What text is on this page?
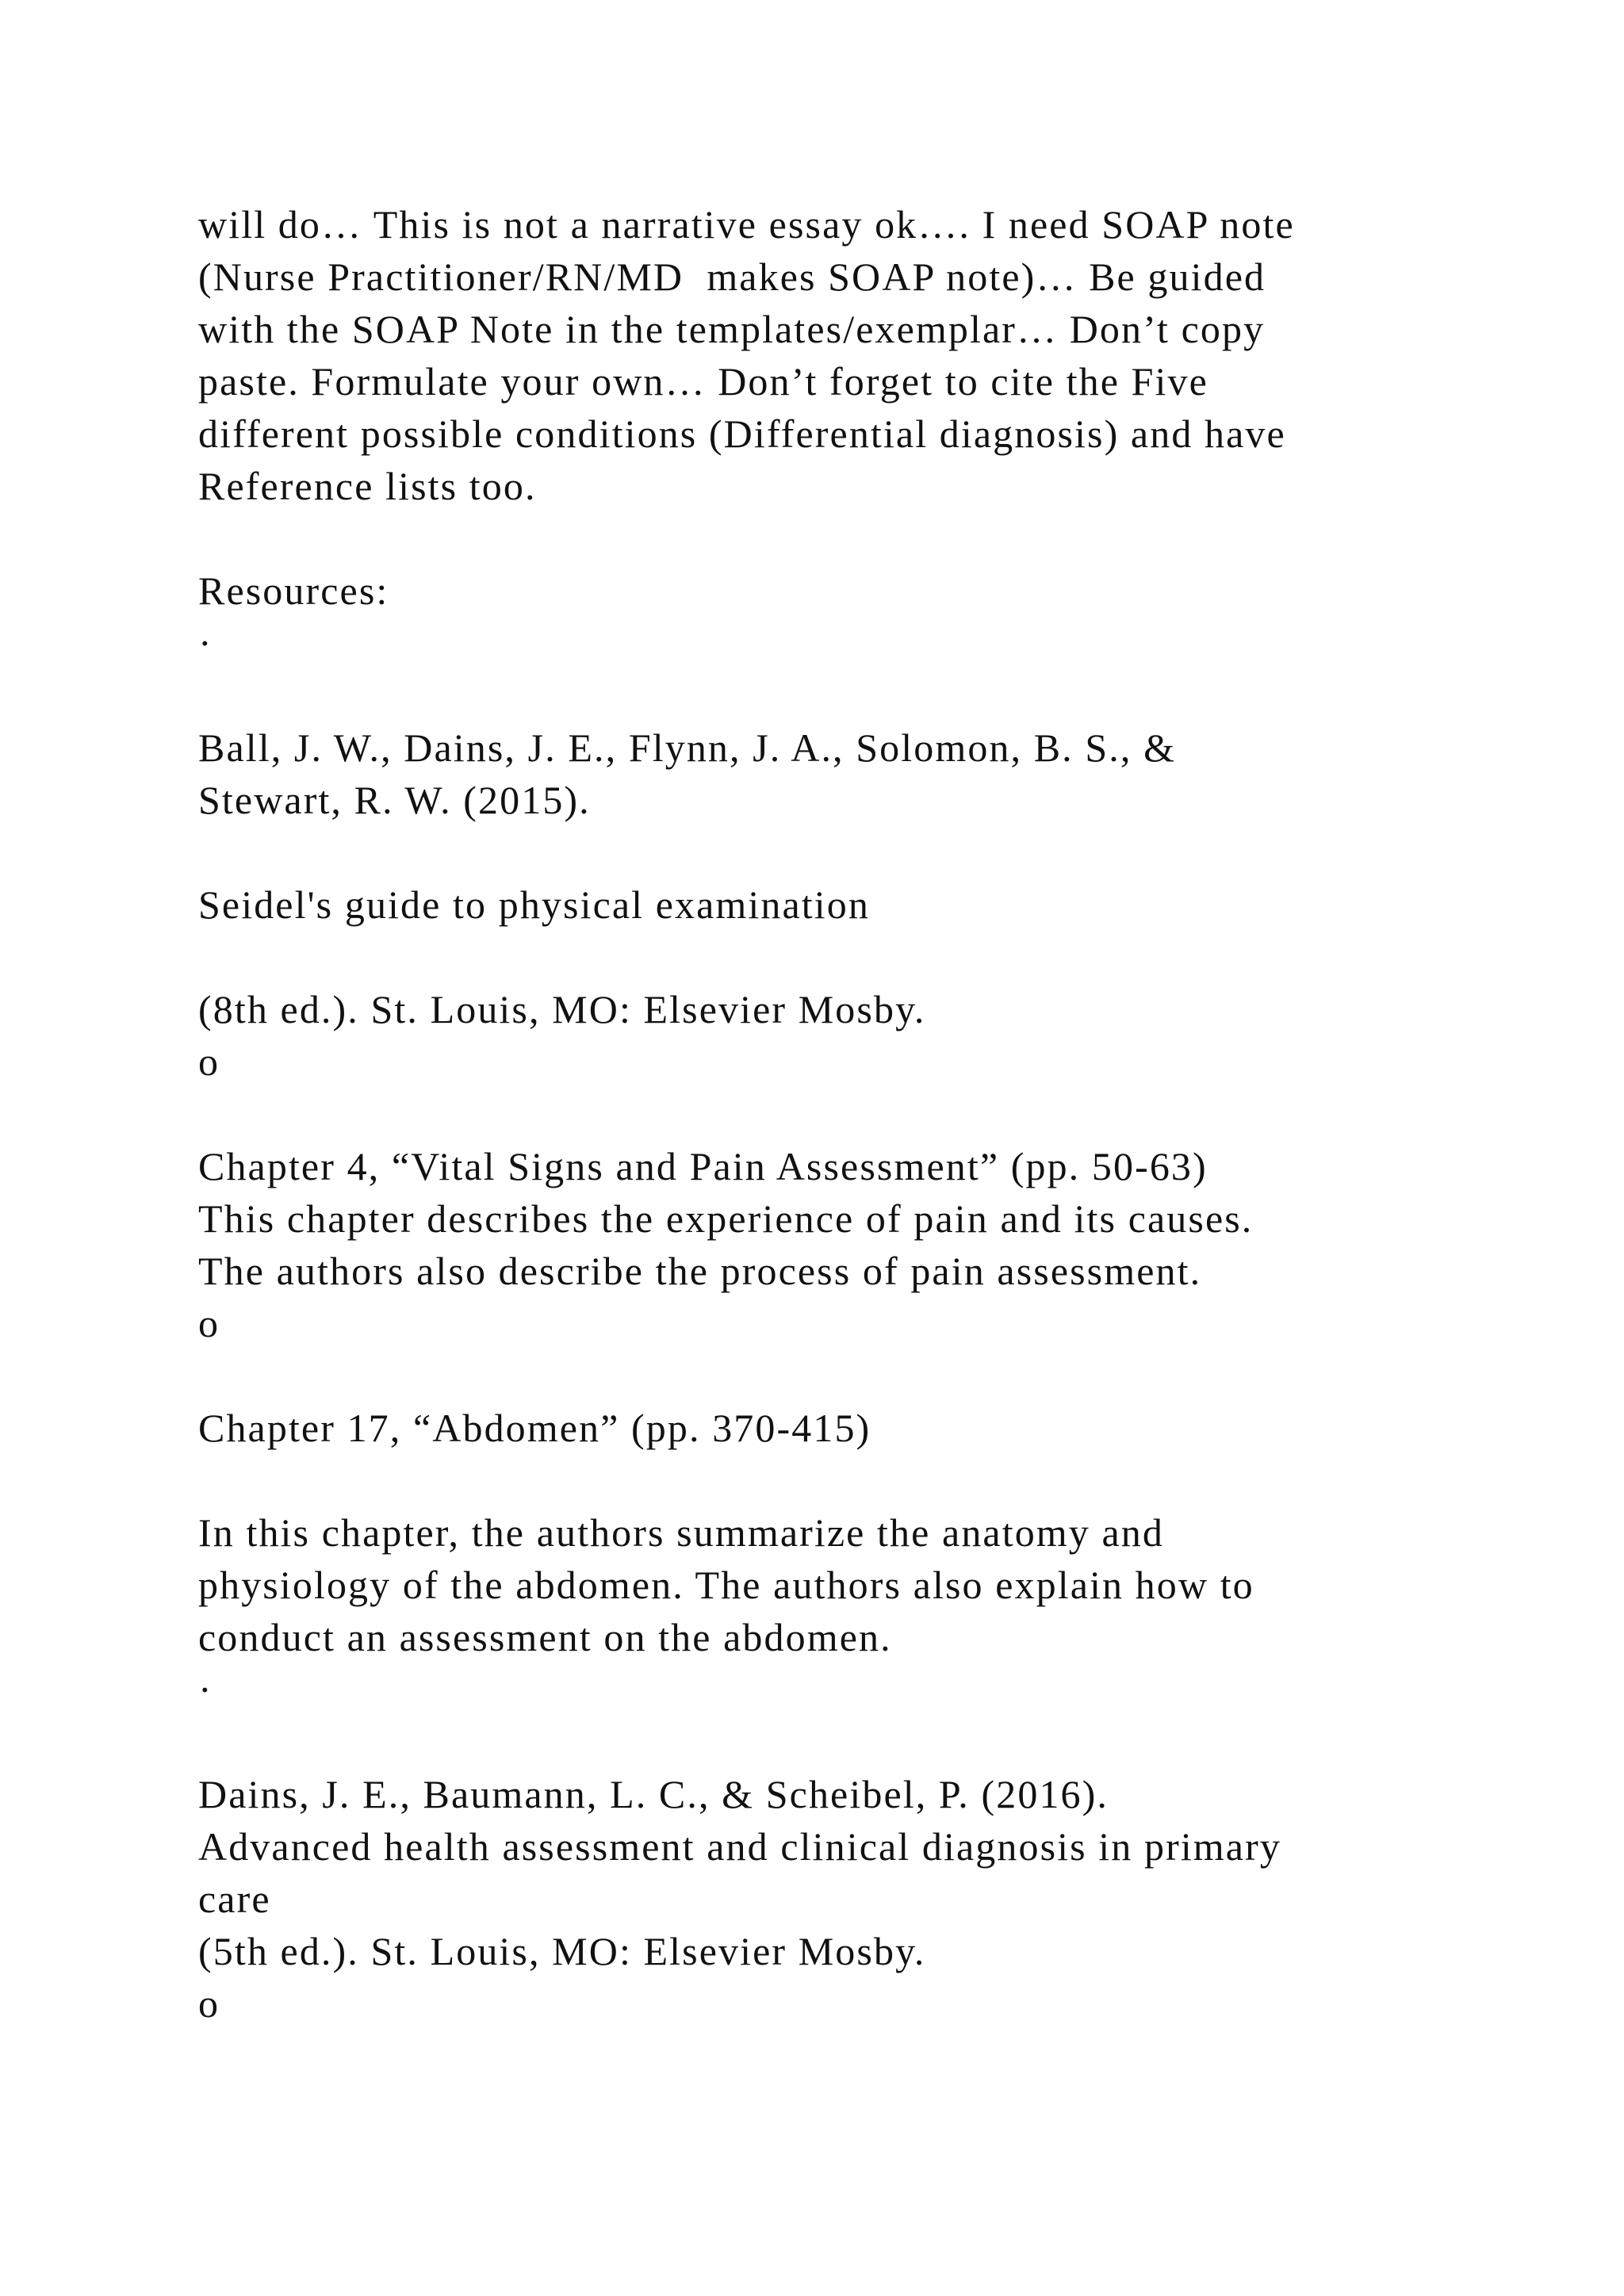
will do… This is not a narrative essay ok…. I need SOAP note

(Nurse Practitioner/RN/MD  makes SOAP note)… Be guided

with the SOAP Note in the templates/exemplar… Don’t copy

paste. Formulate your own… Don’t forget to cite the Five

different possible conditions (Differential diagnosis) and have

Reference lists too.

Resources:

·

Ball, J. W., Dains, J. E., Flynn, J. A., Solomon, B. S., &

Stewart, R. W. (2015).

Seidel's guide to physical examination

(8th ed.). St. Louis, MO: Elsevier Mosby.

o

Chapter 4, “Vital Signs and Pain Assessment” (pp. 50-63)

This chapter describes the experience of pain and its causes.

The authors also describe the process of pain assessment.

o

Chapter 17, “Abdomen” (pp. 370-415)

In this chapter, the authors summarize the anatomy and

physiology of the abdomen. The authors also explain how to

conduct an assessment on the abdomen.

·

Dains, J. E., Baumann, L. C., & Scheibel, P. (2016).

Advanced health assessment and clinical diagnosis in primary

care

(5th ed.). St. Louis, MO: Elsevier Mosby.

o
